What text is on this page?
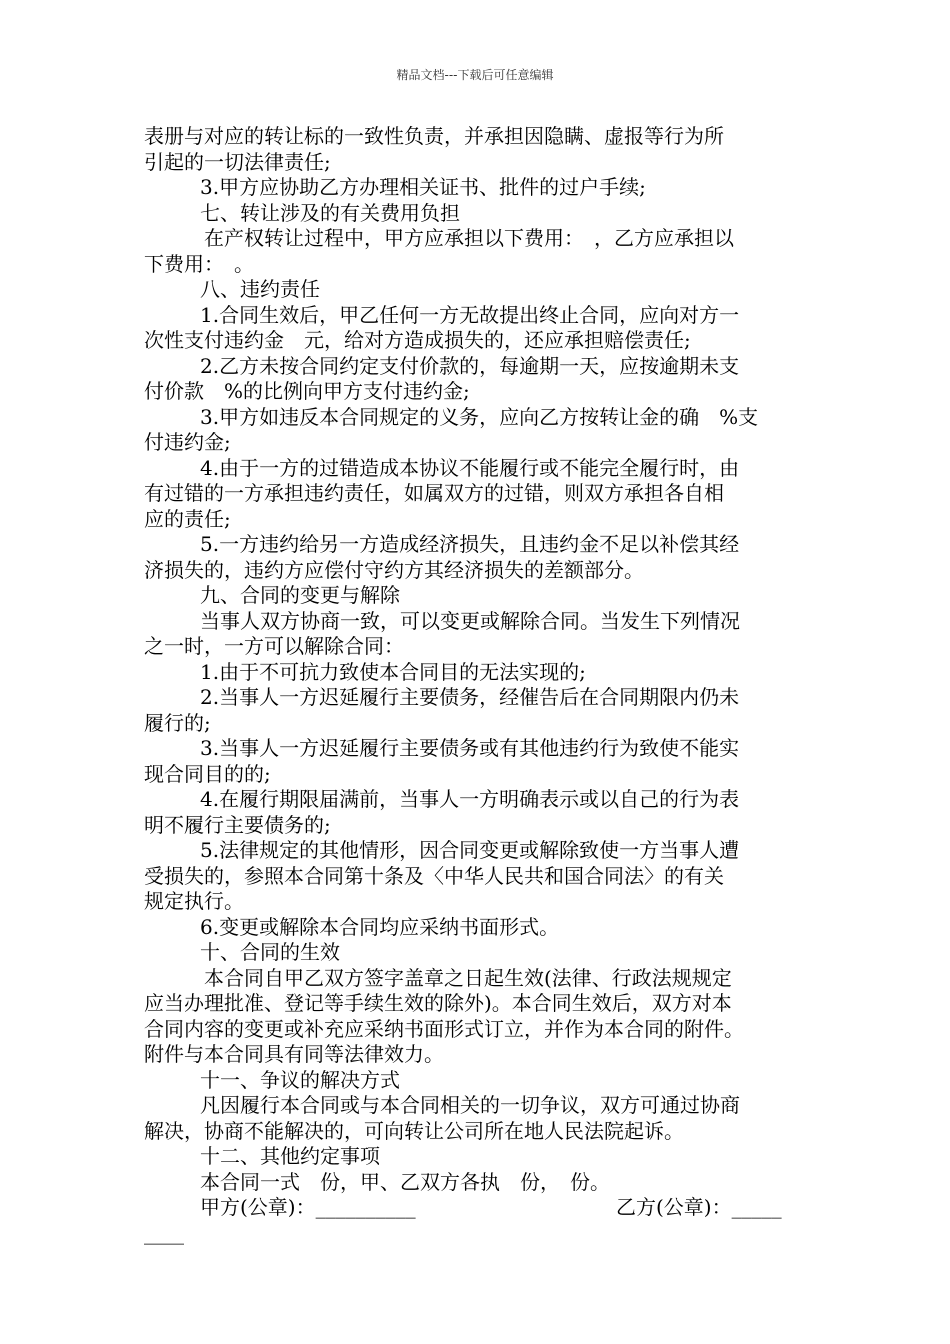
精品文档---下载后可任意编辑

表册与对应的转让标的一致性负责，并承担因隐瞒、虚报等行为所

引起的一切法律责任;

3.甲方应协助乙方办理相关证书、批件的过户手续;

七、转让涉及的有关费用负担

在产权转让过程中，甲方应承担以下费用：　，乙方应承担以

下费用：　。

八、违约责任

1.合同生效后，甲乙任何一方无故提出终止合同，应向对方一

次性支付违约金　元，给对方造成损失的，还应承担赔偿责任;

2.乙方未按合同约定支付价款的，每逾期一天，应按逾期未支

付价款　%的比例向甲方支付违约金;

3.甲方如违反本合同规定的义务，应向乙方按转让金的确　%支

付违约金;

4.由于一方的过错造成本协议不能履行或不能完全履行时，由

有过错的一方承担违约责任，如属双方的过错，则双方承担各自相

应的责任;

5.一方违约给另一方造成经济损失，且违约金不足以补偿其经

济损失的，违约方应偿付守约方其经济损失的差额部分。

九、合同的变更与解除

当事人双方协商一致，可以变更或解除合同。当发生下列情况

之一时，一方可以解除合同：

1.由于不可抗力致使本合同目的无法实现的;

2.当事人一方迟延履行主要债务，经催告后在合同期限内仍未

履行的;

3.当事人一方迟延履行主要债务或有其他违约行为致使不能实

现合同目的的;

4.在履行期限届满前，当事人一方明确表示或以自己的行为表

明不履行主要债务的;

5.法律规定的其他情形，因合同变更或解除致使一方当事人遭

受损失的，参照本合同第十条及〈中华人民共和国合同法〉的有关

规定执行。

6.变更或解除本合同均应采纳书面形式。

十、合同的生效

本合同自甲乙双方签字盖章之日起生效(法律、行政法规规定

应当办理批准、登记等手续生效的除外)。本合同生效后，双方对本

合同内容的变更或补充应采纳书面形式订立，并作为本合同的附件。

附件与本合同具有同等法律效力。

十一、争议的解决方式

凡因履行本合同或与本合同相关的一切争议，双方可通过协商

解决，协商不能解决的，可向转让公司所在地人民法院起诉。

十二、其他约定事项

本合同一式　份，甲、乙双方各执　份，　份。

甲方(公章)：__________	乙方(公章)：_____

____
